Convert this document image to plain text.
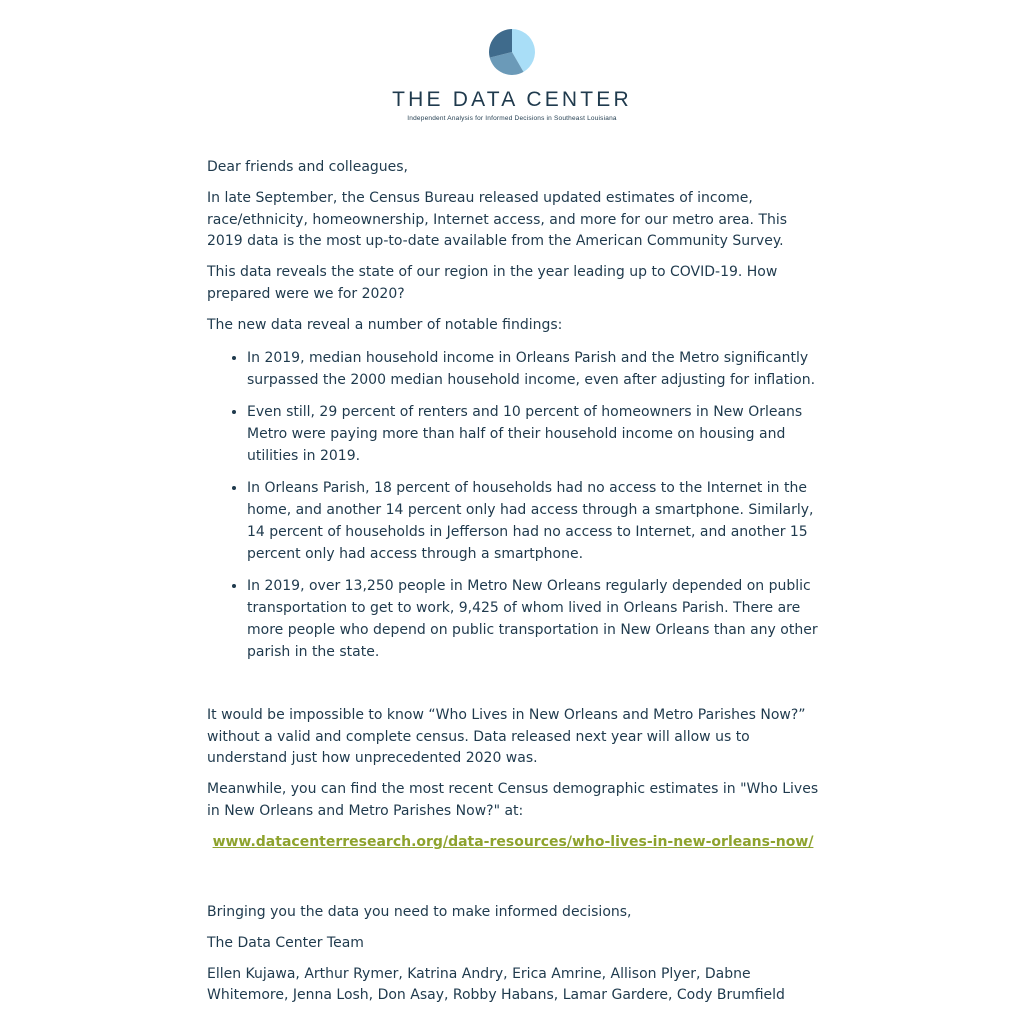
THE DATA CENTER
Independent Analysis for Informed Decisions in Southeast Louisiana

Dear friends and colleagues,

In late September, the Census Bureau released updated estimates of income, race/ethnicity, homeownership, Internet access, and more for our metro area. This 2019 data is the most up-to-date available from the American Community Survey.

This data reveals the state of our region in the year leading up to COVID-19. How prepared were we for 2020?

The new data reveal a number of notable findings:

• In 2019, median household income in Orleans Parish and the Metro significantly surpassed the 2000 median household income, even after adjusting for inflation.
• Even still, 29 percent of renters and 10 percent of homeowners in New Orleans Metro were paying more than half of their household income on housing and utilities in 2019.
• In Orleans Parish, 18 percent of households had no access to the Internet in the home, and another 14 percent only had access through a smartphone. Similarly, 14 percent of households in Jefferson had no access to Internet, and another 15 percent only had access through a smartphone.
• In 2019, over 13,250 people in Metro New Orleans regularly depended on public transportation to get to work, 9,425 of whom lived in Orleans Parish. There are more people who depend on public transportation in New Orleans than any other parish in the state.

It would be impossible to know “Who Lives in New Orleans and Metro Parishes Now?” without a valid and complete census. Data released next year will allow us to understand just how unprecedented 2020 was.

Meanwhile, you can find the most recent Census demographic estimates in "Who Lives in New Orleans and Metro Parishes Now?" at:

www.datacenterresearch.org/data-resources/who-lives-in-new-orleans-now/

Bringing you the data you need to make informed decisions,

The Data Center Team

Ellen Kujawa, Arthur Rymer, Katrina Andry, Erica Amrine, Allison Plyer, Dabne Whitemore, Jenna Losh, Don Asay, Robby Habans, Lamar Gardere, Cody Brumfield
